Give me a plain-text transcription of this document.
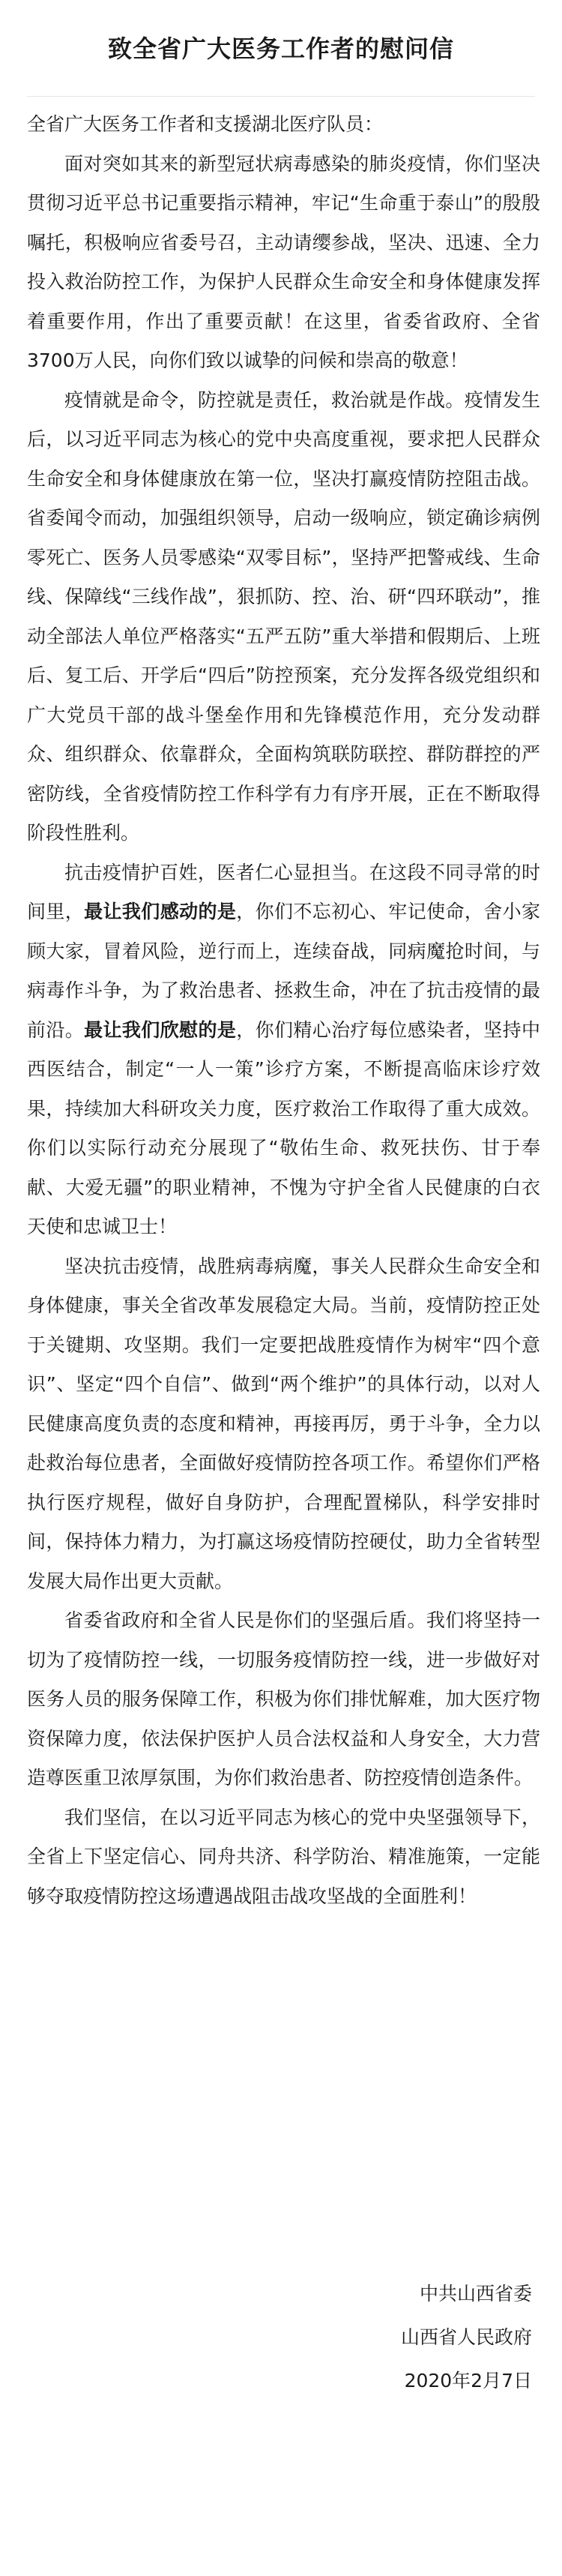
致全省广大医务工作者的慰问信

全省广大医务工作者和支援湖北医疗队员：

面对突如其来的新型冠状病毒感染的肺炎疫情，你们坚决贯彻习近平总书记重要指示精神，牢记“生命重于泰山”的殷殷嘱托，积极响应省委号召，主动请缨参战，坚决、迅速、全力投入救治防控工作，为保护人民群众生命安全和身体健康发挥着重要作用，作出了重要贡献！在这里，省委省政府、全省3700万人民，向你们致以诚挚的问候和崇高的敬意！

疫情就是命令，防控就是责任，救治就是作战。疫情发生后，以习近平同志为核心的党中央高度重视，要求把人民群众生命安全和身体健康放在第一位，坚决打赢疫情防控阻击战。省委闻令而动，加强组织领导，启动一级响应，锁定确诊病例零死亡、医务人员零感染“双零目标”，坚持严把警戒线、生命线、保障线“三线作战”，狠抓防、控、治、研“四环联动”，推动全部法人单位严格落实“五严五防”重大举措和假期后、上班后、复工后、开学后“四后”防控预案，充分发挥各级党组织和广大党员干部的战斗堡垒作用和先锋模范作用，充分发动群众、组织群众、依靠群众，全面构筑联防联控、群防群控的严密防线，全省疫情防控工作科学有力有序开展，正在不断取得阶段性胜利。

抗击疫情护百姓，医者仁心显担当。在这段不同寻常的时间里，最让我们感动的是，你们不忘初心、牢记使命，舍小家顾大家，冒着风险，逆行而上，连续奋战，同病魔抢时间，与病毒作斗争，为了救治患者、拯救生命，冲在了抗击疫情的最前沿。最让我们欣慰的是，你们精心治疗每位感染者，坚持中西医结合，制定“一人一策”诊疗方案，不断提高临床诊疗效果，持续加大科研攻关力度，医疗救治工作取得了重大成效。你们以实际行动充分展现了“敬佑生命、救死扶伤、甘于奉献、大爱无疆”的职业精神，不愧为守护全省人民健康的白衣天使和忠诚卫士！

坚决抗击疫情，战胜病毒病魔，事关人民群众生命安全和身体健康，事关全省改革发展稳定大局。当前，疫情防控正处于关键期、攻坚期。我们一定要把战胜疫情作为树牢“四个意识”、坚定“四个自信”、做到“两个维护”的具体行动，以对人民健康高度负责的态度和精神，再接再厉，勇于斗争，全力以赴救治每位患者，全面做好疫情防控各项工作。希望你们严格执行医疗规程，做好自身防护，合理配置梯队，科学安排时间，保持体力精力，为打赢这场疫情防控硬仗，助力全省转型发展大局作出更大贡献。

省委省政府和全省人民是你们的坚强后盾。我们将坚持一切为了疫情防控一线，一切服务疫情防控一线，进一步做好对医务人员的服务保障工作，积极为你们排忧解难，加大医疗物资保障力度，依法保护医护人员合法权益和人身安全，大力营造尊医重卫浓厚氛围，为你们救治患者、防控疫情创造条件。

我们坚信，在以习近平同志为核心的党中央坚强领导下，全省上下坚定信心、同舟共济、科学防治、精准施策，一定能够夺取疫情防控这场遭遇战阻击战攻坚战的全面胜利！

中共山西省委
山西省人民政府
2020年2月7日
